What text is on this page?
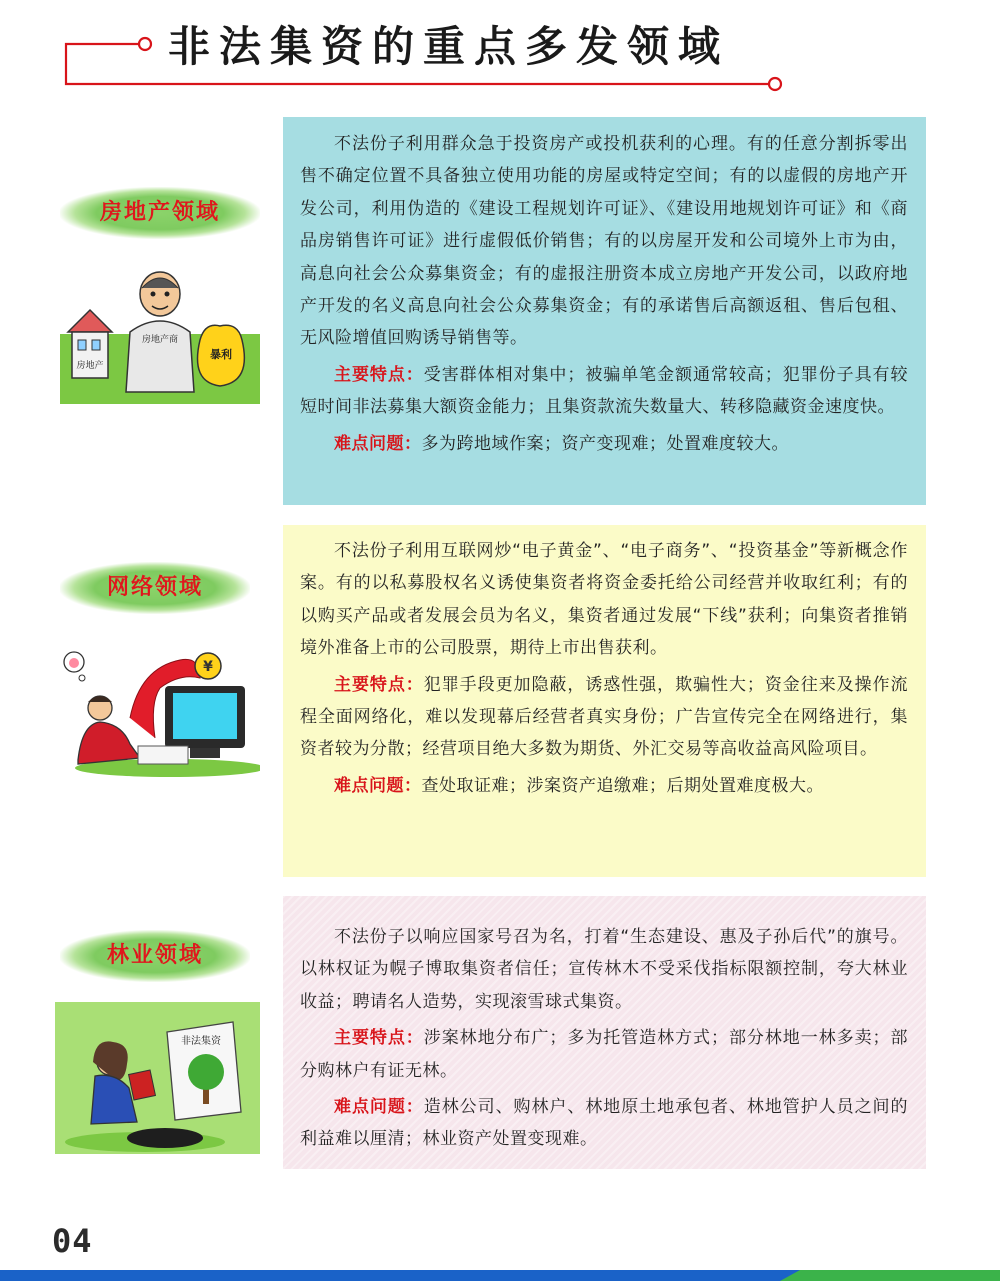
非法集资的重点多发领域
房地产领域
房地产
房地产商
暴利

不法份子利用群众急于投资房产或投机获利的心理。有的任意分割拆零出售不确定位置不具备独立使用功能的房屋或特定空间；有的以虚假的房地产开发公司，利用伪造的《建设工程规划许可证》、《建设用地规划许可证》和《商品房销售许可证》进行虚假低价销售；有的以房屋开发和公司境外上市为由，高息向社会公众募集资金；有的虚报注册资本成立房地产开发公司，以政府地产开发的名义高息向社会公众募集资金；有的承诺售后高额返租、售后包租、无风险增值回购诱导销售等。

主要特点：受害群体相对集中；被骗单笔金额通常较高；犯罪份子具有较短时间非法募集大额资金能力；且集资款流失数量大、转移隐藏资金速度快。

难点问题：多为跨地域作案；资产变现难；处置难度较大。

网络领域
¥

不法份子利用互联网炒“电子黄金”、“电子商务”、“投资基金”等新概念作案。有的以私募股权名义诱使集资者将资金委托给公司经营并收取红利；有的以购买产品或者发展会员为名义，集资者通过发展“下线”获利；向集资者推销境外准备上市的公司股票，期待上市出售获利。

主要特点：犯罪手段更加隐蔽，诱惑性强，欺骗性大；资金往来及操作流程全面网络化，难以发现幕后经营者真实身份；广告宣传完全在网络进行，集资者较为分散；经营项目绝大多数为期货、外汇交易等高收益高风险项目。

难点问题：查处取证难；涉案资产追缴难；后期处置难度极大。

林业领域
非法集资

不法份子以响应国家号召为名，打着“生态建设、惠及子孙后代”的旗号。以林权证为幌子博取集资者信任；宣传林木不受采伐指标限额控制，夸大林业收益；聘请名人造势，实现滚雪球式集资。

主要特点：涉案林地分布广；多为托管造林方式；部分林地一林多卖；部分购林户有证无林。

难点问题：造林公司、购林户、林地原土地承包者、林地管护人员之间的利益难以厘清；林业资产处置变现难。

04
